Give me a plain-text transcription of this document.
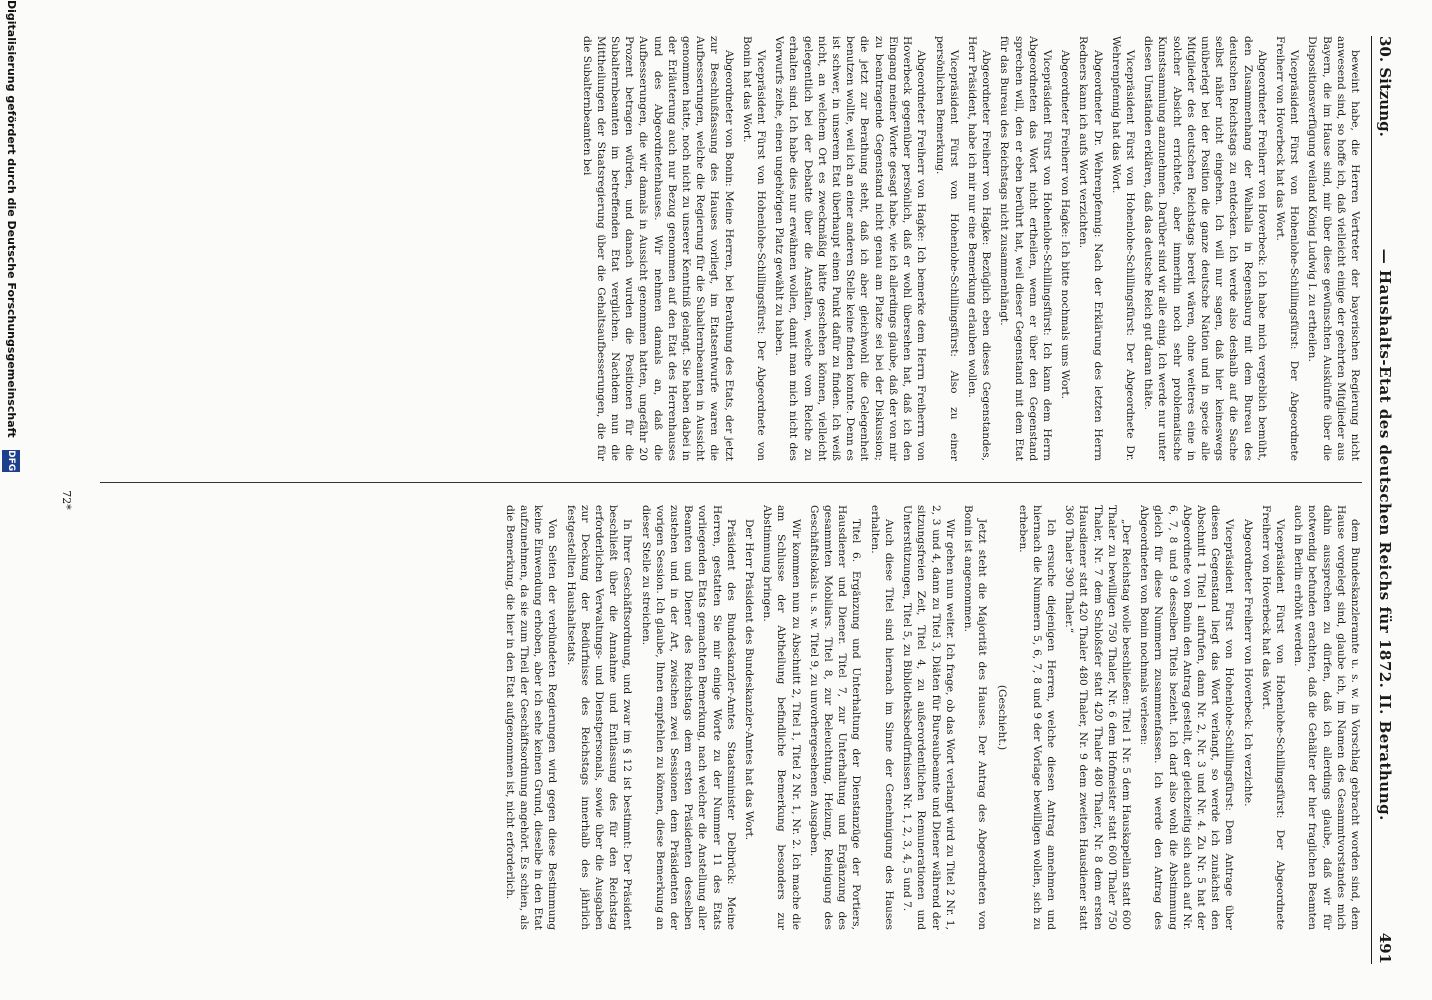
30. Sitzung.
— Haushalts-Etat des deutschen Reichs für 1872. II. Berathung.
491

beweint habe, die Herren Vertreter der bayerischen Regierung nicht anwesend sind, so hoffe ich, daß vielleicht einige der geehrten Mitglieder aus Bayern, die im Hause sind, mir über diese gewünschten Auskünfte über die Dispositionsverfügung weiland König Ludwig I. zu ertheilen.

Vicepräsident Fürst von Hohenlohe-Schillingsfürst: Der Abgeordnete Freiherr von Hoverbeck hat das Wort.

Abgeordneter Freiherr von Hoverbeck: Ich habe mich vergeblich bemüht, den Zusammenhang der Walhalla in Regensburg mit dem Bureau des deutschen Reichstags zu entdecken. Ich werde also deshalb auf die Sache selbst näher nicht eingehen. Ich will nur sagen, daß hier keineswegs unüberlegt bei der Position die ganze deutsche Nation und in specie alle Mitglieder des deutschen Reichstags bereit wären, ohne weiteres eine in solcher Absicht errichtete, aber immerhin noch sehr problematische Kunstsammlung anzunehmen. Darüber sind wir alle einig. Ich werde nur unter diesen Umständen erklären, daß das deutsche Reich gut daran thäte.

Vicepräsident Fürst von Hohenlohe-Schillingsfürst: Der Abgeordnete Dr. Wehrenpfennig hat das Wort.

Abgeordneter Dr. Wehrenpfennig: Nach der Erklärung des letzten Herrn Redners kann ich aufs Wort verzichten.

Abgeordneter Freiherr von Hagke: Ich bitte nochmals ums Wort.

Vicepräsident Fürst von Hohenlohe-Schillingsfürst: Ich kann dem Herrn Abgeordneten das Wort nicht ertheilen, wenn er über den Gegenstand sprechen will, den er eben berührt hat, weil dieser Gegenstand mit dem Etat für das Bureau des Reichstags nicht zusammenhängt.

Abgeordneter Freiherr von Hagke: Bezüglich eben dieses Gegenstandes, Herr Präsident, habe ich mir nur eine Bemerkung erlauben wollen.

Vicepräsident Fürst von Hohenlohe-Schillingsfürst: Also zu einer persönlichen Bemerkung.

Abgeordneter Freiherr von Hagke: Ich bemerke dem Herrn Freiherrn von Hoverbeck gegenüber persönlich, daß er wohl übersehen hat, daß ich den Eingang meiner Worte gesagt habe, wie ich allerdings glaube, daß der von mir zu beantragende Gegenstand nicht genau am Platze sei bei der Diskussion; die jetzt zur Berathung steht, daß ich aber gleichwohl die Gelegenheit benutzen wollte, weil ich an einer anderen Stelle keine finden konnte. Denn es ist schwer, in unserem Etat überhaupt einen Punkt dafür zu finden. Ich weiß nicht, an welchem Ort es zweckmäßig hätte geschehen können, vielleicht gelegentlich bei der Debatte über die Anstalten, welche vom Reiche zu erhalten sind. Ich habe dies nur erwähnen wollen, damit man mich nicht des Vorwurfs zeihe, einen ungehörigen Platz gewählt zu haben.

Vicepräsident Fürst von Hohenlohe-Schillingsfürst: Der Abgeordnete von Bonin hat das Wort.

Abgeordneter von Bonin: Meine Herren, bei Berathung des Etats, der jetzt zur Beschlußfassung des Hauses vorliegt, im Etatsentwurfe waren die Aufbesserungen, welche die Regierung für die Subalternbeamten in Aussicht genommen hatte, noch nicht zu unserer Kenntniß gelangt. Sie haben dabei in der Erläuterung auch nur Bezug genommen auf den Etat des Herrenhauses und des Abgeordnetenhauses. Wir nehmen damals an, daß die Aufbesserungen, die wir damals in Aussicht genommen hatten, ungefähr 20 Prozent betragen würden, und danach wurden die Positionen für die Subalternbeamten im betreffenden Etat verglichen. Nachdem nun die Mittheilungen der Staatsregierung über die Gehaltsaufbesserungen, die für die Subalternbeamten bei

dem Bundeskanzleramte u. s. w. in Vorschlag gebracht worden sind, dem Hause vorgelegt sind, glaube ich, im Namen des Gesammtvorstandes mich dahin aussprechen zu dürfen, daß ich allerdings glaube, daß wir für notwendig befunden erachten, daß die Gehälter der hier fraglichen Beamten auch in Berlin erhöht werden.

Vicepräsident Fürst von Hohenlohe-Schillingsfürst: Der Abgeordnete Freiherr von Hoverbeck hat das Wort.

Abgeordneter Freiherr von Hoverbeck: Ich verzichte.

Vicepräsident Fürst von Hohenlohe-Schillingsfürst: Dem Antrage über diesen Gegenstand liegt das Wort verlangt, so werde ich zunächst den Abschnitt 1 Titel 1 aufrufen, dann Nr. 2, Nr. 3 und Nr. 4. Zu Nr. 5 hat der Abgeordnete von Bonin den Antrag gestellt, der gleichzeitig sich auch auf Nr. 6, 7, 8 und 9 desselben Titels bezieht. Ich darf also wohl die Abstimmung gleich für diese Nummern zusammenfassen. Ich werde den Antrag des Abgeordneten von Bonin nochmals verlesen:

„Der Reichstag wolle beschließen: Titel 1 Nr. 5 dem Hauskapellan statt 600 Thaler zu bewilligen 750 Thaler, Nr. 6 dem Hofmeister statt 600 Thaler 750 Thaler, Nr. 7 dem Schloßsfer statt 420 Thaler 480 Thaler, Nr. 8 dem ersten Hausdiener statt 420 Thaler 480 Thaler, Nr. 9 dem zweiten Hausdiener statt 360 Thaler 390 Thaler.“

Ich ersuche diejenigen Herren, welche diesen Antrag annehmen und hiernach die Nummern 5, 6, 7, 8 und 9 der Vorlage bewilligen wollen, sich zu erheben.

(Geschieht.)

Jetzt steht die Majorität des Hauses. Der Antrag des Abgeordneten von Bonin ist angenommen.

Wir gehen nun weiter. Ich frage, ob das Wort verlangt wird zu Titel 2 Nr. 1, 2, 3 und 4, dann zu Titel 3, Diäten für Bureaubeamte und Diener während der sitzungsfreien Zeit, Titel 4, zu außerordentlichen Remunerationen und Unterstützungen, Titel 5, zu Bibliotheksbedürfnissen Nr. 1, 2, 3, 4, 5 und 7.

Auch diese Titel sind hiernach im Sinne der Genehmigung des Hauses erhalten.

Titel 6. Ergänzung und Unterhaltung der Dienstanzüge der Portiers, Hausdiener und Diener. Titel 7, zur Unterhaltung und Ergänzung des gesammten Mobiliars. Titel 8, zur Beleuchtung, Heizung, Reinigung des Geschäftslokals u. s. w. Titel 9, zu unvorhergesehenen Ausgaben.

Wir kommen nun zu Abschnitt 2, Titel 1, Titel 2 Nr. 1, Nr. 2. Ich mache die am Schlusse der Abtheilung befindliche Bemerkung besonders zur Abstimmung bringen.

Der Herr Präsident des Bundeskanzler-Amtes hat das Wort.

Präsident des Bundeskanzler-Amtes Staatsminister Delbrück: Meine Herren, gestatten Sie mir einige Worte zu der Nummer 11 des Etats vorliegenden Etats gemachten Bemerkung, nach welcher die Anstellung aller Beamten und Diener des Reichstags dem ersten Präsidenten desselben zustehen und in der Art, zwischen zwei Sessionen dem Präsidenten der vorigen Session. Ich glaube, Ihnen empfehlen zu können, diese Bemerkung an dieser Stelle zu streichen.

In Ihrer Geschäftsordnung, und zwar im § 12 ist bestimmt: Der Präsident beschließt über die Annahme und Entlassung des für den Reichstag erforderlichen Verwaltungs- und Dienstpersonals, sowie über die Ausgaben zur Deckung der Bedürfnisse des Reichstags innerhalb des jährlich festgestellten Haushaltsetats.

Von Seiten der verbündeten Regierungen wird gegen diese Bestimmung keine Einwendung erhoben, aber ich sehe keinen Grund, dieselbe in den Etat aufzunehmen, da sie zum Theil der Geschäftsordnung angehört. Es schien, als die Bemerkung, die hier in den Etat aufgenommen ist, nicht erforderlich.

72*
Digitalisierung gefördert durch die Deutsche Forschungsgemeinschaft
DFG
